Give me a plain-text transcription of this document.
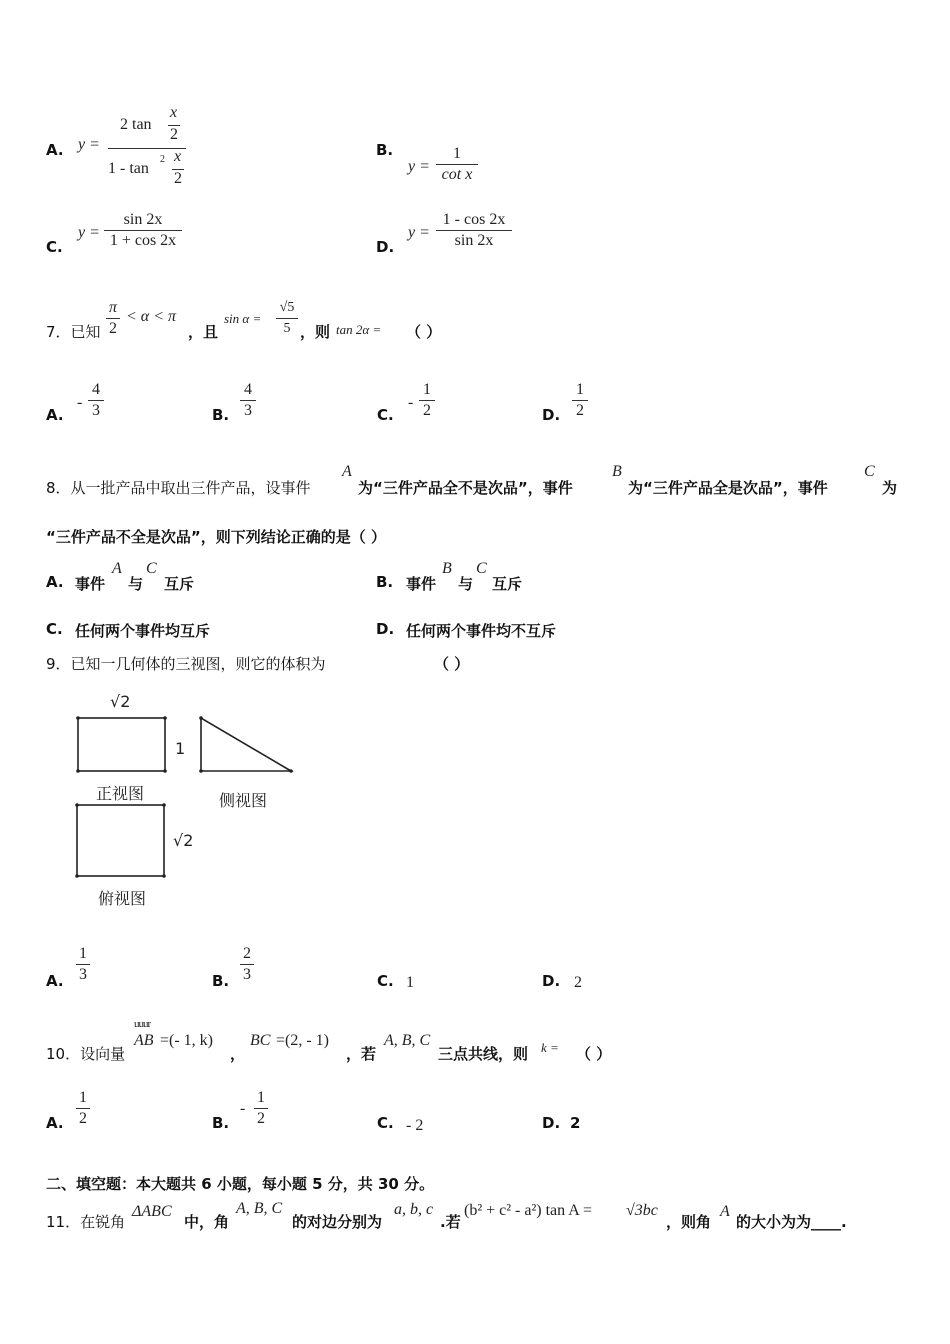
A. y =
2 tan
x
2
1 - tan
2 x
2
B.
y =
1
cot x
C.
y =
sin 2x
1 + cos 2x	D.
y =
1 - cos 2x
sin 2x
7．已知
π
2
< α < π
，且
sin α =
√5
5 ，则 tan 2α = （ ）
A.
-
4
3	B.
4
3	C.
-
1
2	D.
1
2
8．从一批产品中取出三件产品，设事件
A
为“三件产品全不是次品”，事件
B
为“三件产品全是次品”，事件
C
为
“三件产品不全是次品”，则下列结论正确的是（ ）
A. 事件
A
与
C
互斥	B. 事件
B
与
C
互斥
C. 任何两个事件均互斥	D. 任何两个事件均不互斥
9．已知一几何体的三视图，则它的体积为	（ ）
√2
1
正视图	侧视图
√2
俯视图
A.
1
3	B.
2
3	C. 1	D. 2
10．设向量
uuur
AB =(- 1, k)
，
BC =(2, - 1)
，若
A, B, C
三点共线，则 k = （ ）
A.
1
2	B.
-
1
2	C. - 2	D. 2
二、填空题：本大题共 6 小题，每小题 5 分，共 30 分。
11．在锐角
ΔABC
中，角
A, B, C
的对边分别为
a, b, c
.若
(b² + c² - a²) tan A = √3bc
，则角
A
的大小为为____.
